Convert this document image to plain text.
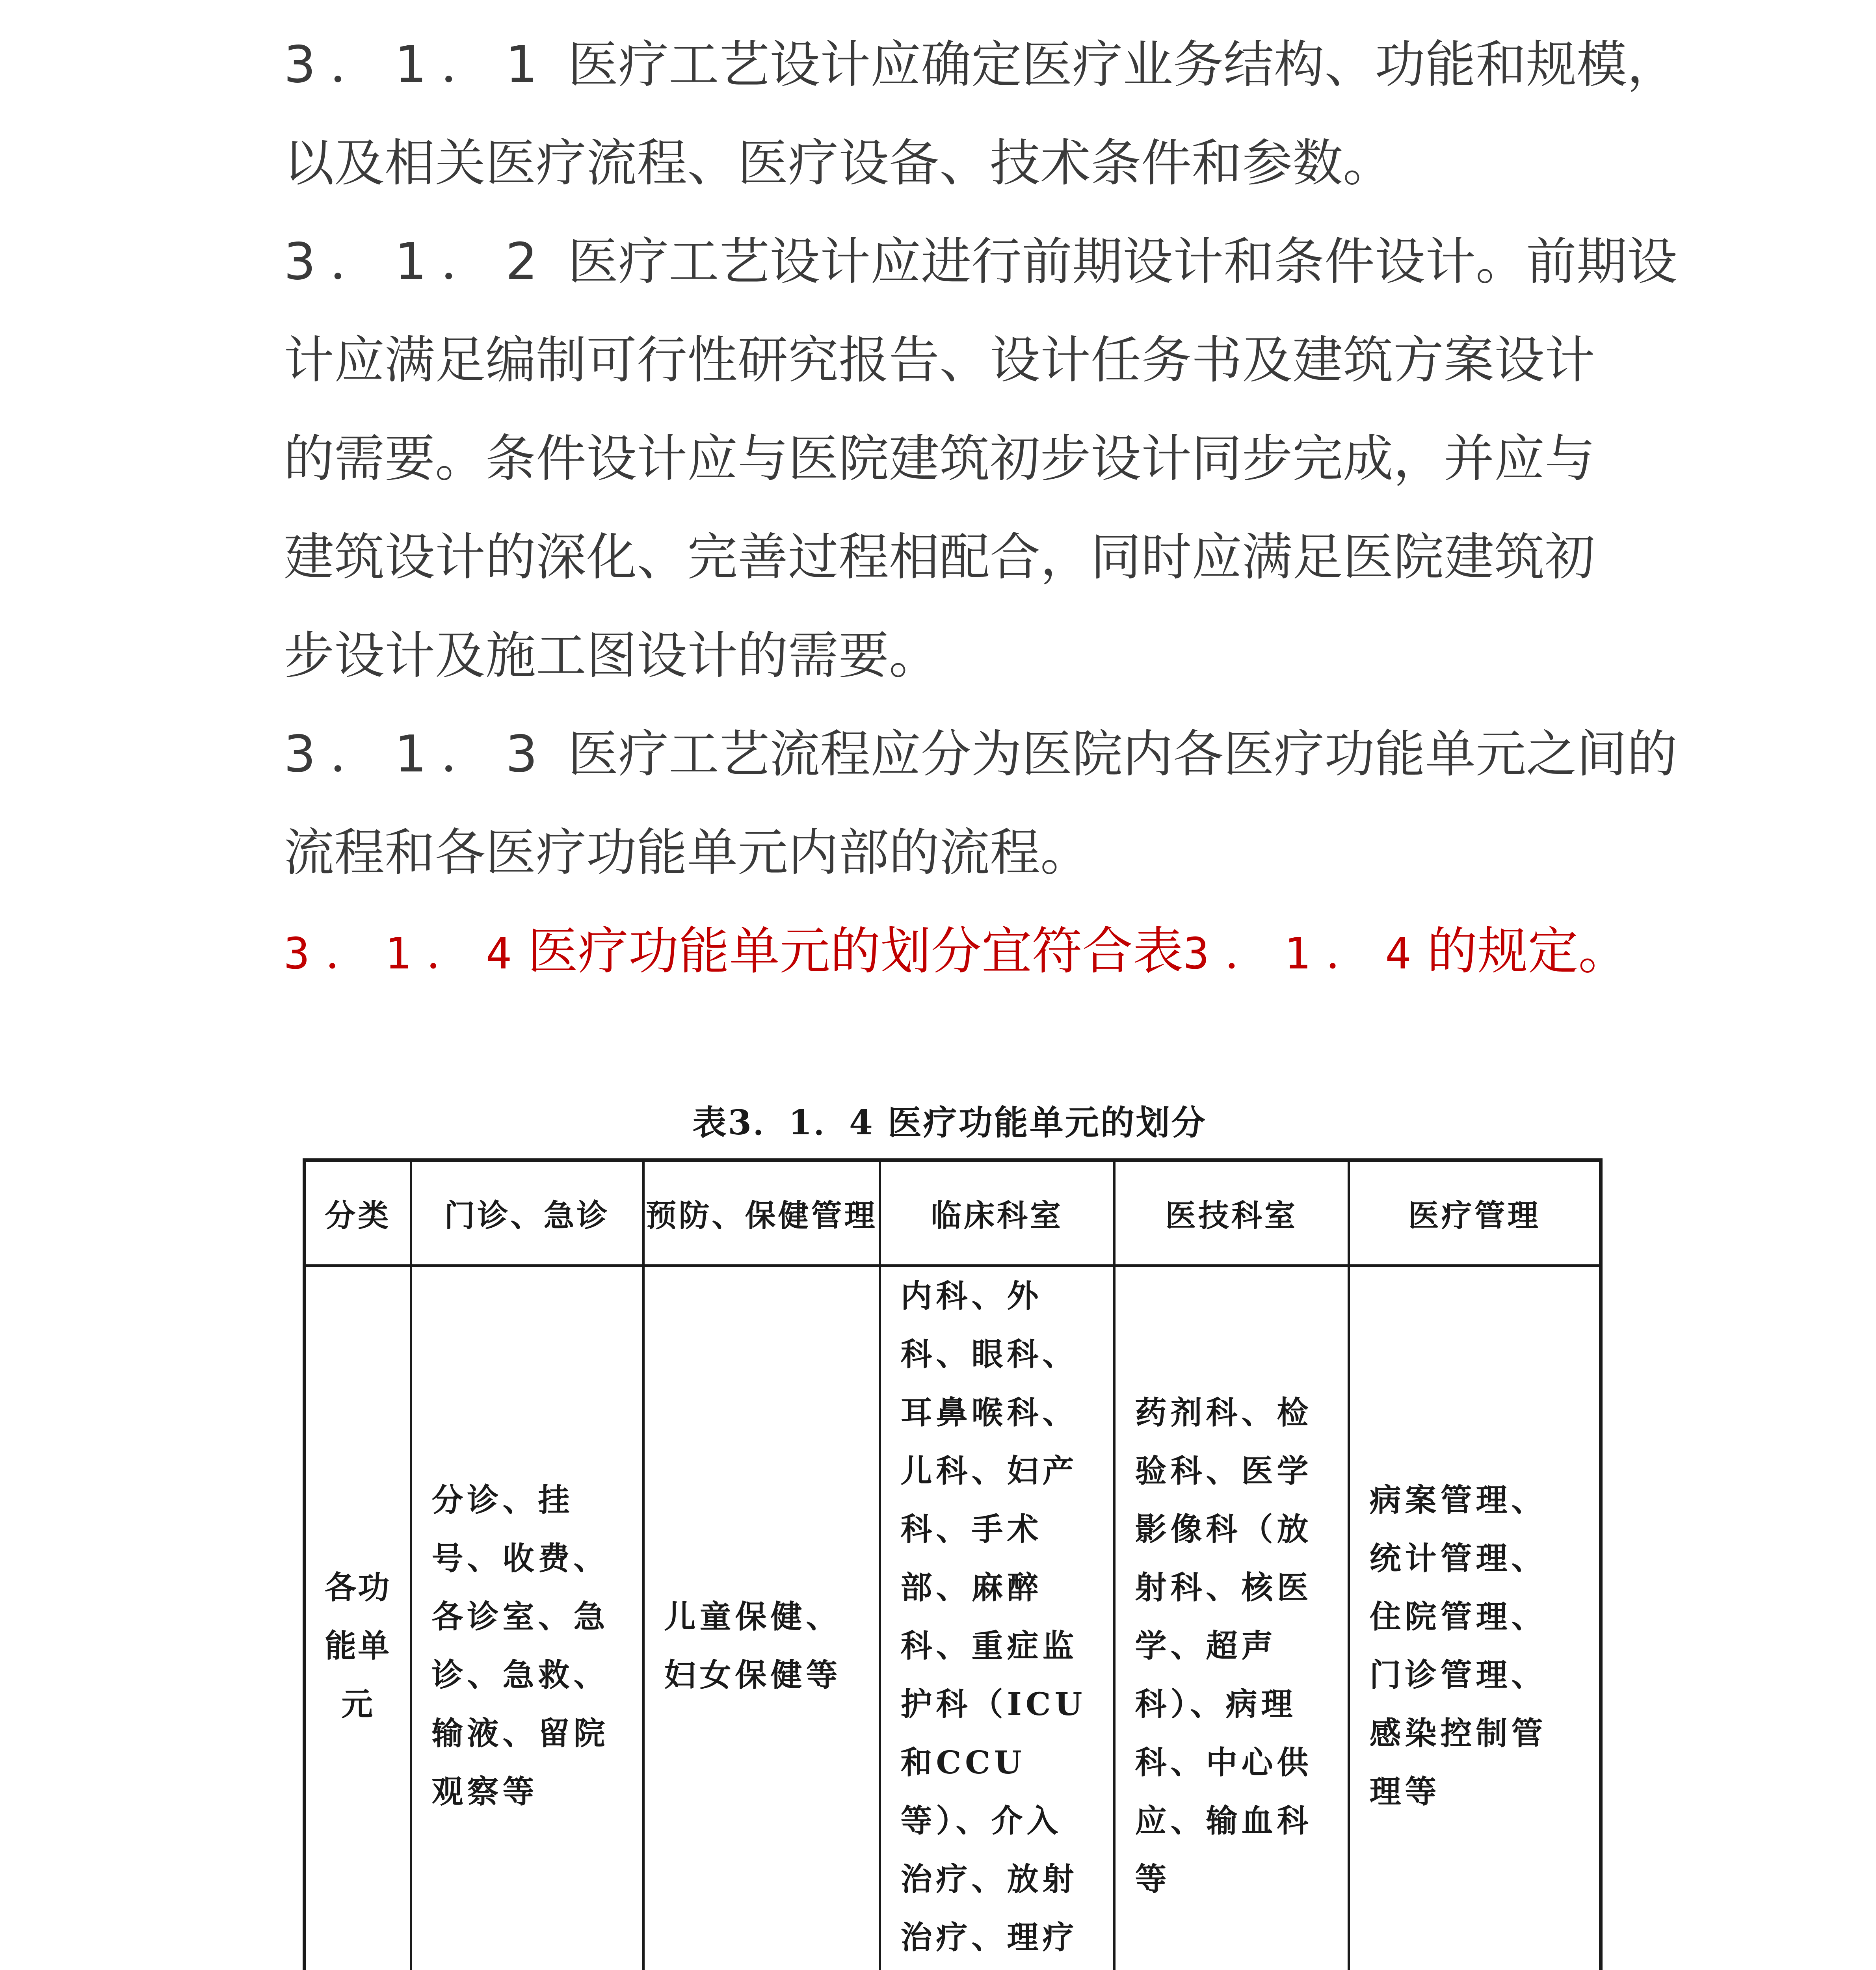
3．1．1 医疗工艺设计应确定医疗业务结构、功能和规模，
以及相关医疗流程、医疗设备、技术条件和参数。
3．1．2 医疗工艺设计应进行前期设计和条件设计。前期设
计应满足编制可行性研究报告、设计任务书及建筑方案设计
的需要。条件设计应与医院建筑初步设计同步完成，并应与
建筑设计的深化、完善过程相配合，同时应满足医院建筑初
步设计及施工图设计的需要。
3．1．3 医疗工艺流程应分为医院内各医疗功能单元之间的
流程和各医疗功能单元内部的流程。
3．1．4医疗功能单元的划分宜符合表3．1．4的规定。
表3．1．4 医疗功能单元的划分
分类	门诊、急诊	预防、保健管理	临床科室	医技科室	医疗管理

各功能单元	分诊、挂号、收费、各诊室、急诊、急救、输液、留院观察等	儿童保健、妇女保健等	内科、外科、眼科、耳鼻喉科、儿科、妇产科、手术部、麻醉科、重症监护科（ICU和CCU等）、介入治疗、放射治疗、理疗	药剂科、检验科、医学影像科（放射科、核医学、超声科）、病理科、中心供应、输血科等	病案管理、统计管理、住院管理、门诊管理、感染控制管理等
